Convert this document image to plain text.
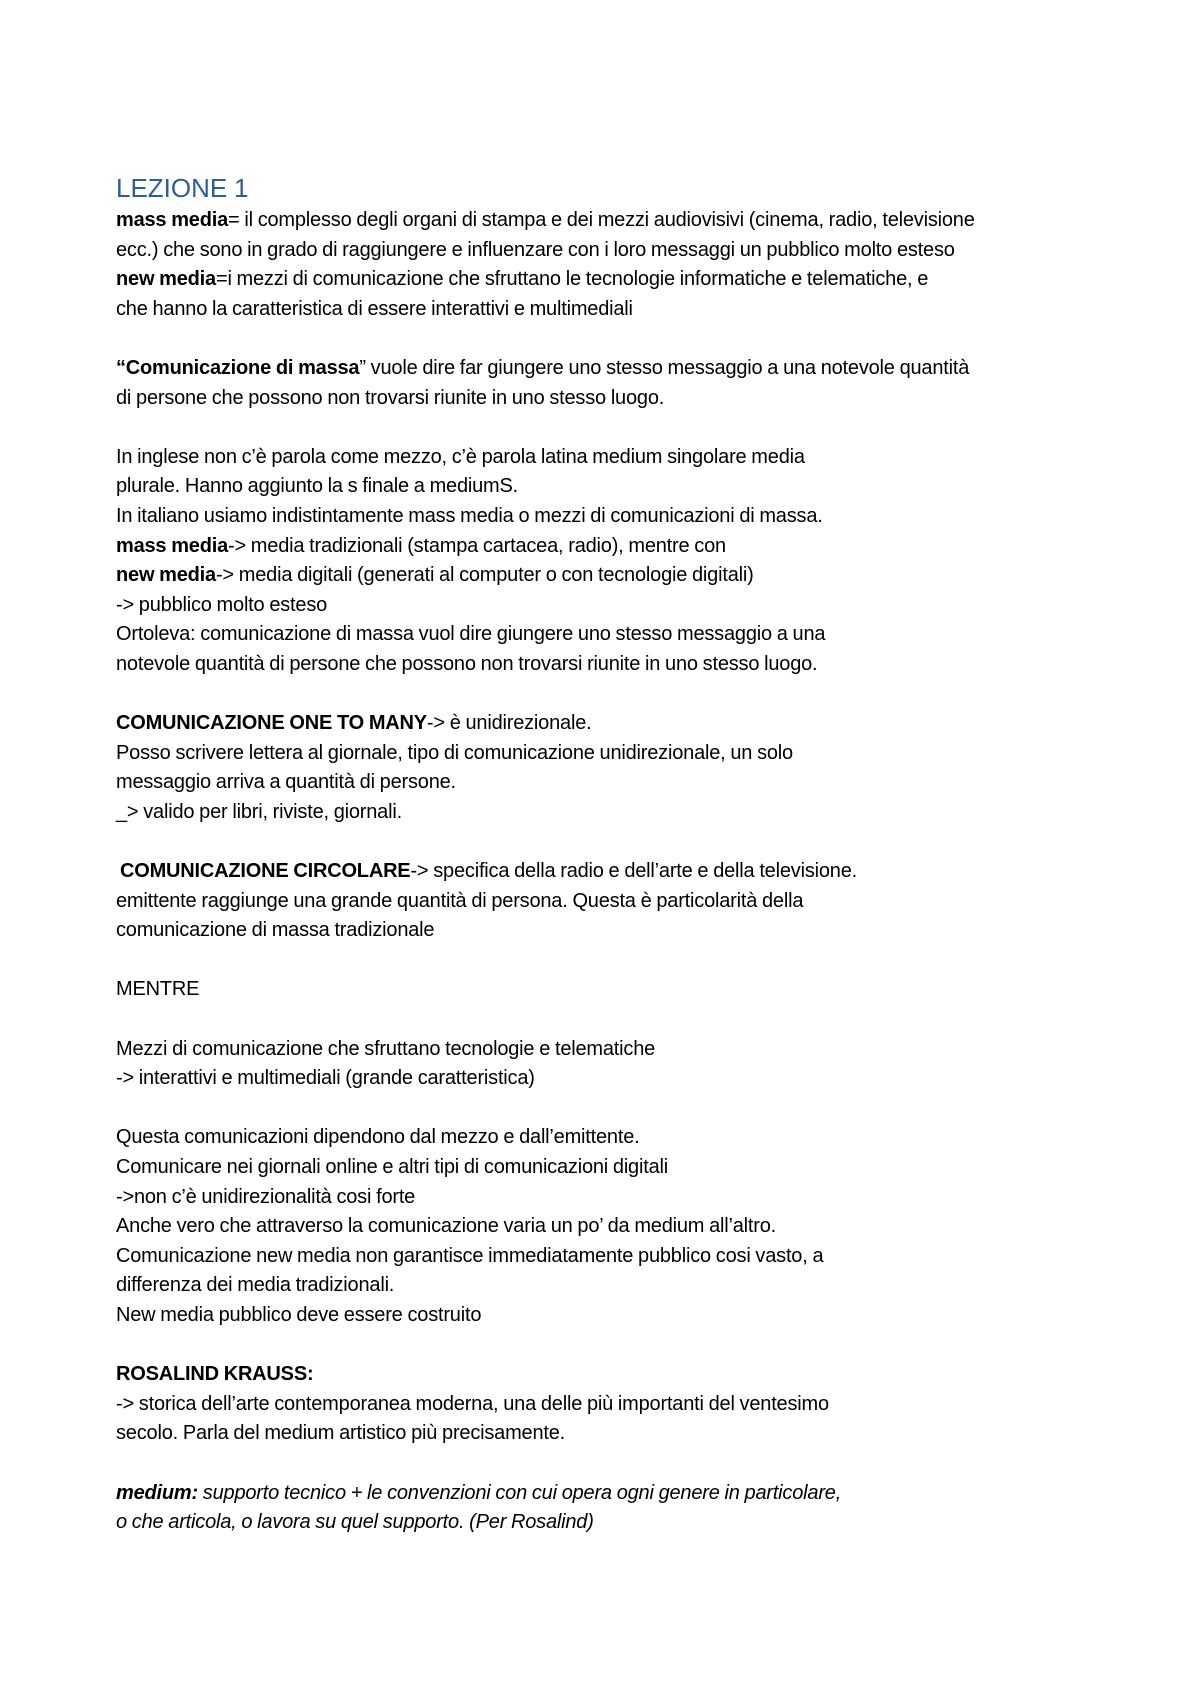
LEZIONE 1
mass media= il complesso degli organi di stampa e dei mezzi audiovisivi (cinema, radio, televisione
ecc.) che sono in grado di raggiungere e influenzare con i loro messaggi un pubblico molto esteso
new media=i mezzi di comunicazione che sfruttano le tecnologie informatiche e telematiche, e
che hanno la caratteristica di essere interattivi e multimediali
“Comunicazione di massa” vuole dire far giungere uno stesso messaggio a una notevole quantità
di persone che possono non trovarsi riunite in uno stesso luogo.
In inglese non c’è parola come mezzo, c’è parola latina medium singolare media
plurale. Hanno aggiunto la s finale a mediumS.
In italiano usiamo indistintamente mass media o mezzi di comunicazioni di massa.
mass media-> media tradizionali (stampa cartacea, radio), mentre con
new media-> media digitali (generati al computer o con tecnologie digitali)
-> pubblico molto esteso
Ortoleva: comunicazione di massa vuol dire giungere uno stesso messaggio a una
notevole quantità di persone che possono non trovarsi riunite in uno stesso luogo.
COMUNICAZIONE ONE TO MANY-> è unidirezionale.
Posso scrivere lettera al giornale, tipo di comunicazione unidirezionale, un solo
messaggio arriva a quantità di persone.
_> valido per libri, riviste, giornali.
COMUNICAZIONE CIRCOLARE-> specifica della radio e dell’arte e della televisione.
emittente raggiunge una grande quantità di persona. Questa è particolarità della
comunicazione di massa tradizionale
MENTRE
Mezzi di comunicazione che sfruttano tecnologie e telematiche
-> interattivi e multimediali (grande caratteristica)
Questa comunicazioni dipendono dal mezzo e dall’emittente.
Comunicare nei giornali online e altri tipi di comunicazioni digitali
->non c’è unidirezionalità cosi forte
Anche vero che attraverso la comunicazione varia un po’ da medium all’altro.
Comunicazione new media non garantisce immediatamente pubblico cosi vasto, a
differenza dei media tradizionali.
New media pubblico deve essere costruito
ROSALIND KRAUSS:
-> storica dell’arte contemporanea moderna, una delle più importanti del ventesimo
secolo. Parla del medium artistico più precisamente.
medium: supporto tecnico + le convenzioni con cui opera ogni genere in particolare,
o che articola, o lavora su quel supporto. (Per Rosalind)
